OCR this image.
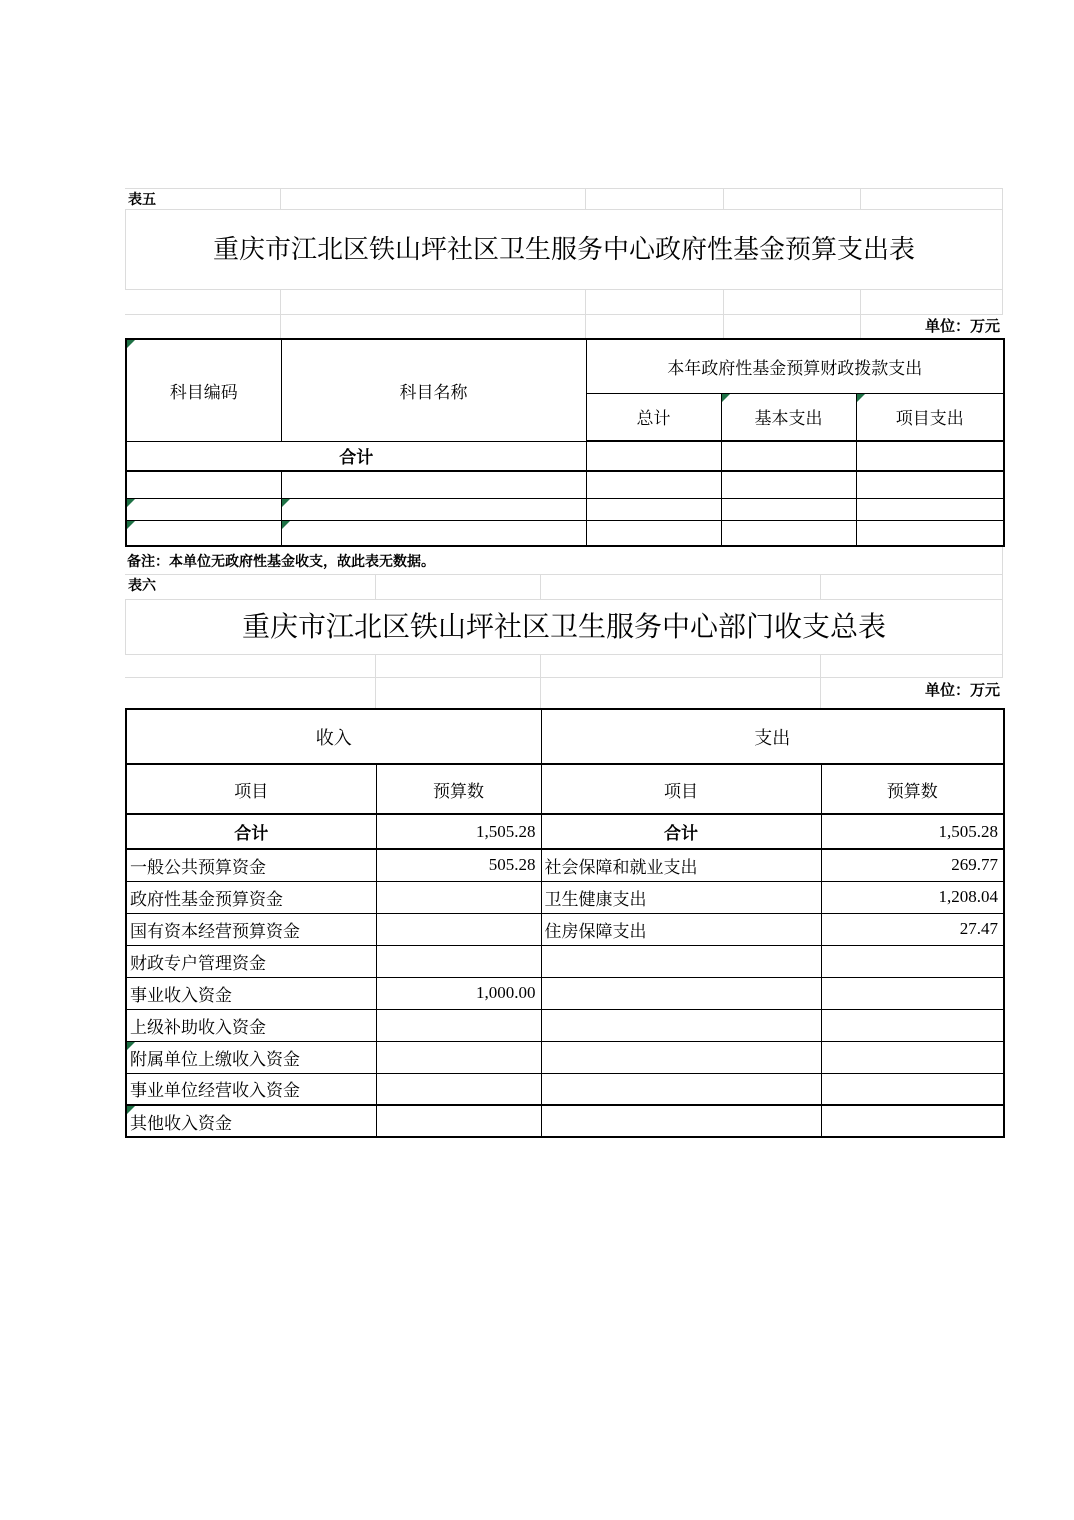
表五
重庆市江北区铁山坪社区卫生服务中心政府性基金预算支出表
单位：万元
科目编码	科目名称	本年政府性基金预算财政拨款支出		
		总计	基本支出	项目支出
合计				

备注：本单位无政府性基金收支，故此表无数据。
表六
重庆市江北区铁山坪社区卫生服务中心部门收支总表
单位：万元
收入		支出	
项目	预算数	项目	预算数
合计	1,505.28	合计	1,505.28
一般公共预算资金	505.28	社会保障和就业支出	269.77
政府性基金预算资金		卫生健康支出	1,208.04
国有资本经营预算资金		住房保障支出	27.47
财政专户管理资金			
事业收入资金	1,000.00		
上级补助收入资金			

附属单位上缴收入资金			
事业单位经营收入资金			

其他收入资金			
